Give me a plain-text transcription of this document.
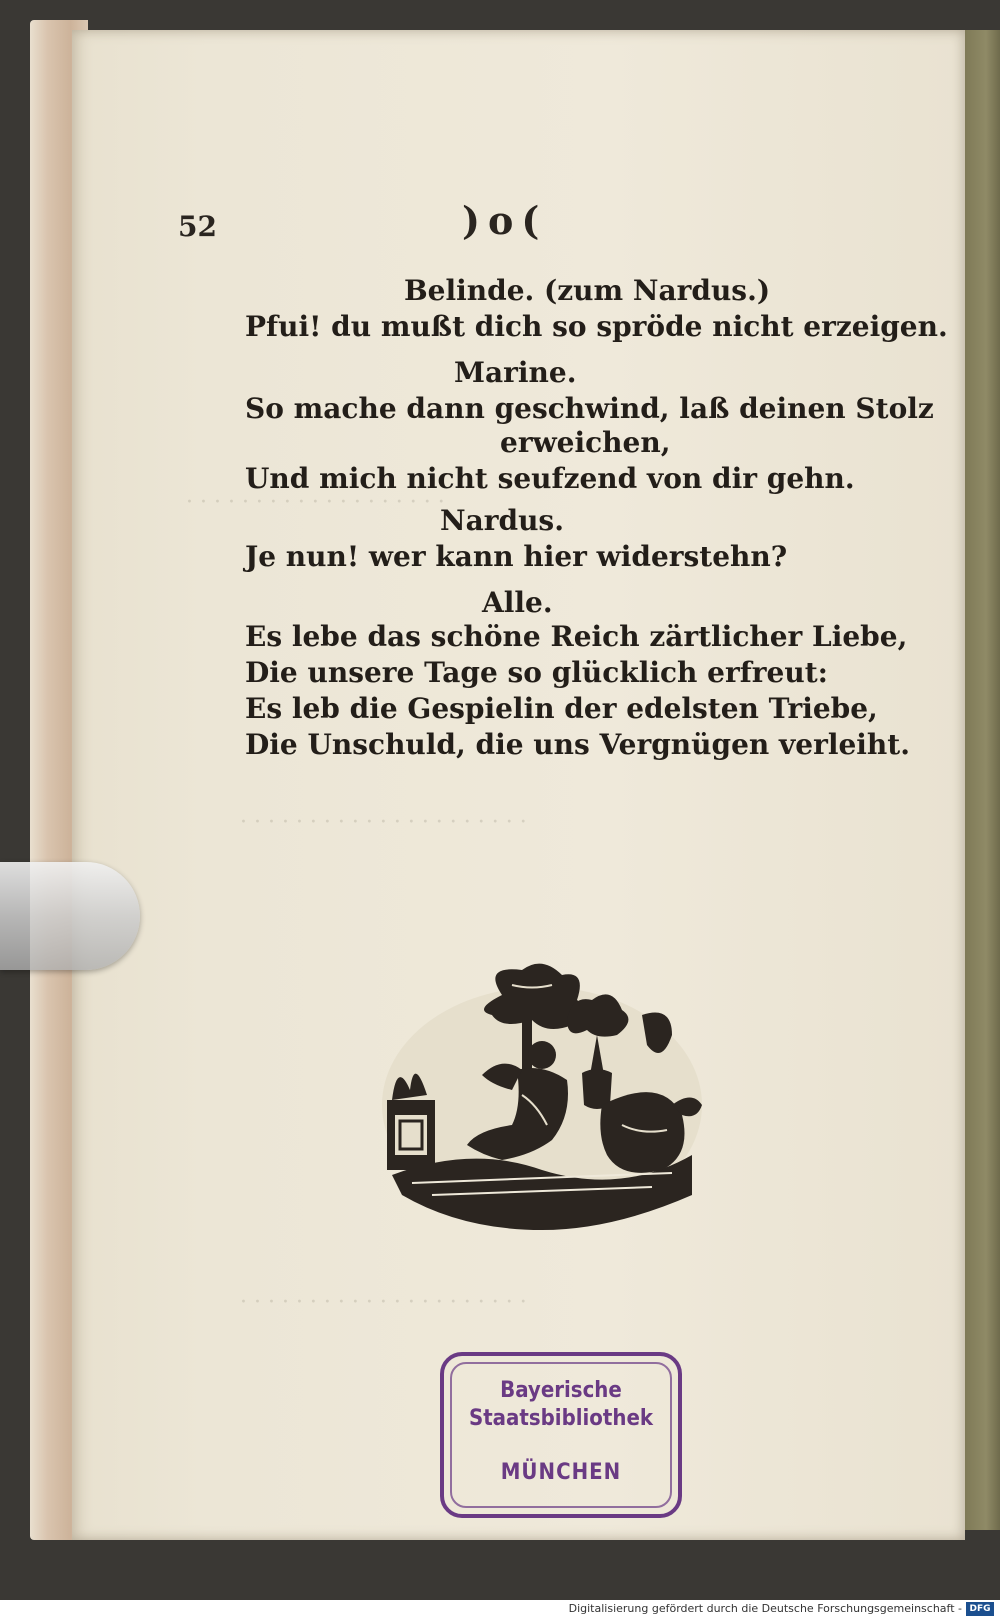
· · · · · · · · · · · · · · · · · · ·
· · · · · · · · · · · · · · · · · · · · ·
· · · · · · · · · · · · · · · · · · · · ·
52	)o(
Belinde. (zum Nardus.)
Pfui! du mußt dich so spröde nicht erzeigen.
Marine.
So mache dann geschwind, laß deinen Stolz
erweichen,
Und mich nicht seufzend von dir gehn.
Nardus.
Je nun! wer kann hier widerstehn?
Alle.
Es lebe das schöne Reich zärtlicher Liebe,
Die unsere Tage so glücklich erfreut:
Es leb die Gespielin der edelsten Triebe,
Die Unschuld, die uns Vergnügen verleiht.
Bayerische
Staatsbibliothek
MÜNCHEN
Digitalisierung gefördert durch die Deutsche Forschungsgemeinschaft - DFG
